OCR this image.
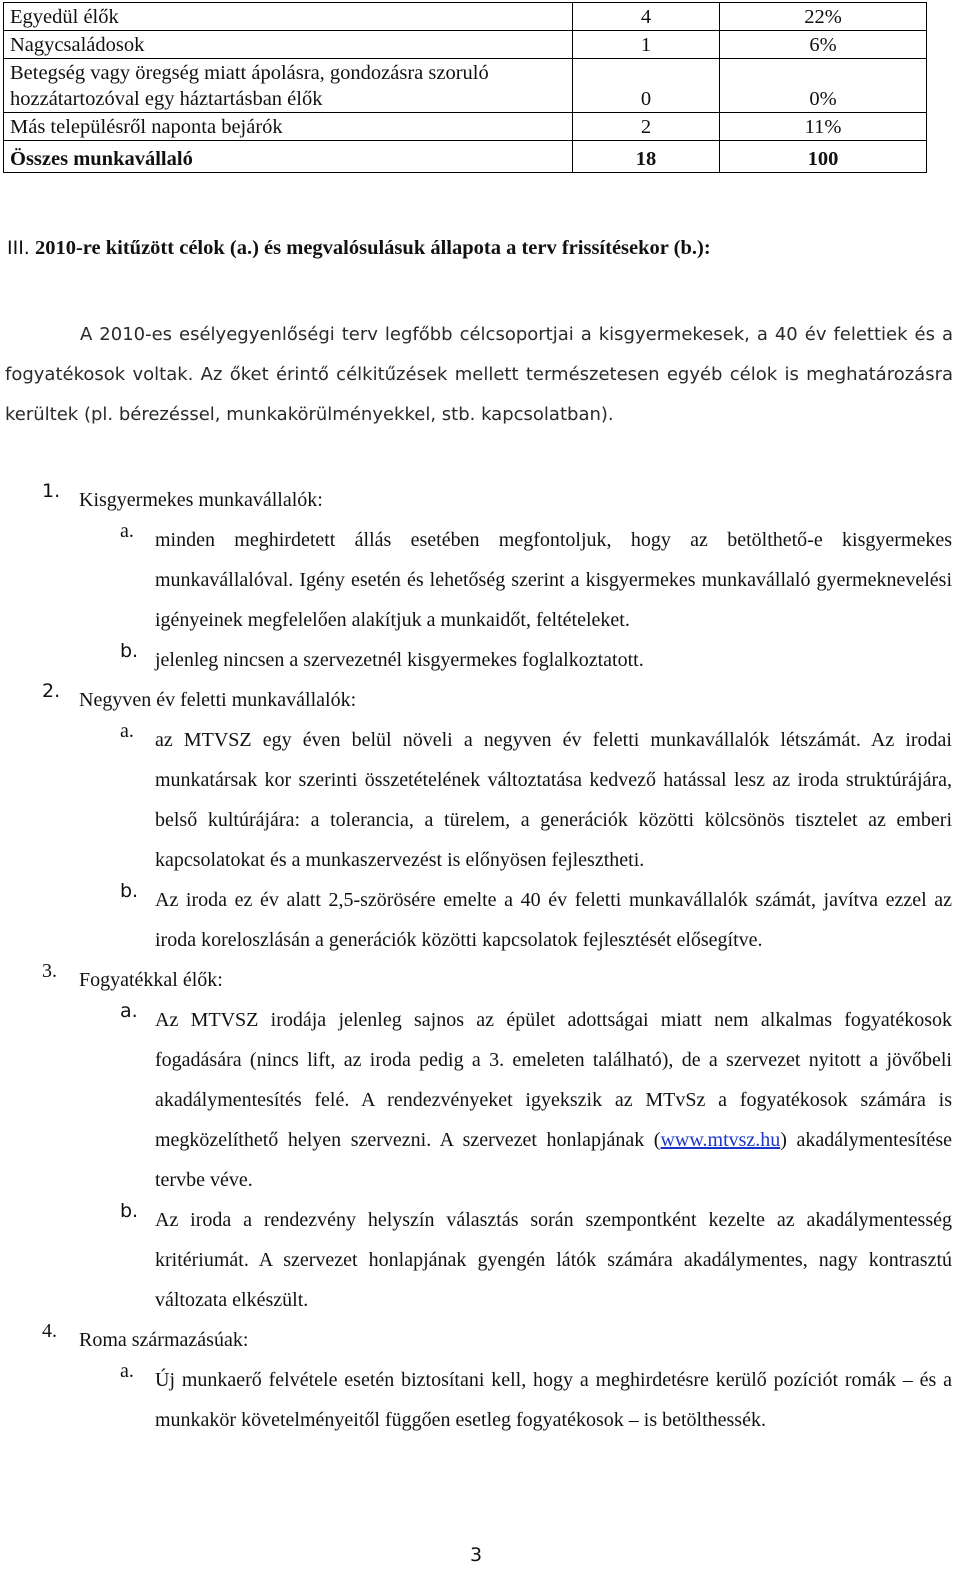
Egyedül élők	4	22%
Nagycsaládosok	1	6%
Betegség vagy öregség miatt ápolásra, gondozásra szoruló hozzátartozóval egy háztartásban élők	0	0%
Más településről naponta bejárók	2	11%
Összes munkavállaló	18	100
III. 2010-re kitűzött célok (a.) és megvalósulásuk állapota a terv frissítésekor (b.):

A 2010-es esélyegyenlőségi terv legfőbb célcsoportjai a kisgyermekesek, a 40 év felettiek és a fogyatékosok voltak. Az őket érintő célkitűzések mellett természetesen egyéb célok is meghatározásra kerültek (pl. bérezéssel, munkakörülményekkel, stb. kapcsolatban).

1. Kisgyermekes munkavállalók:
a. minden meghirdetett állás esetében megfontoljuk, hogy az betölthető-e kisgyermekes munkavállalóval. Igény esetén és lehetőség szerint a kisgyermekes munkavállaló gyermeknevelési igényeinek megfelelően alakítjuk a munkaidőt, feltételeket.
b. jelenleg nincsen a szervezetnél kisgyermekes foglalkoztatott.
2. Negyven év feletti munkavállalók:
a. az MTVSZ egy éven belül növeli a negyven év feletti munkavállalók létszámát. Az irodai munkatársak kor szerinti összetételének változtatása kedvező hatással lesz az iroda struktúrájára, belső kultúrájára: a tolerancia, a türelem, a generációk közötti kölcsönös tisztelet az emberi kapcsolatokat és a munkaszervezést is előnyösen fejlesztheti.
b. Az iroda ez év alatt 2,5-szörösére emelte a 40 év feletti munkavállalók számát, javítva ezzel az iroda koreloszlásán a generációk közötti kapcsolatok fejlesztését elősegítve.
3.	Fogyatékkal élők:
a. Az MTVSZ irodája jelenleg sajnos az épület adottságai miatt nem alkalmas fogyatékosok fogadására (nincs lift, az iroda pedig a 3. emeleten található), de a szervezet nyitott a jövőbeli akadálymentesítés felé. A rendezvényeket igyekszik az MTvSz a fogyatékosok számára is megközelíthető helyen szervezni. A szervezet honlapjának (www.mtvsz.hu) akadálymentesítése tervbe véve.
b. Az iroda a rendezvény helyszín választás során szempontként kezelte az akadálymentesség kritériumát. A szervezet honlapjának gyengén látók számára akadálymentes, nagy kontrasztú változata elkészült.
4.	Roma származásúak:
a. Új munkaerő felvétele esetén biztosítani kell, hogy a meghirdetésre kerülő pozíciót romák – és a munkakör követelményeitől függően esetleg fogyatékosok – is betölthessék.
3
